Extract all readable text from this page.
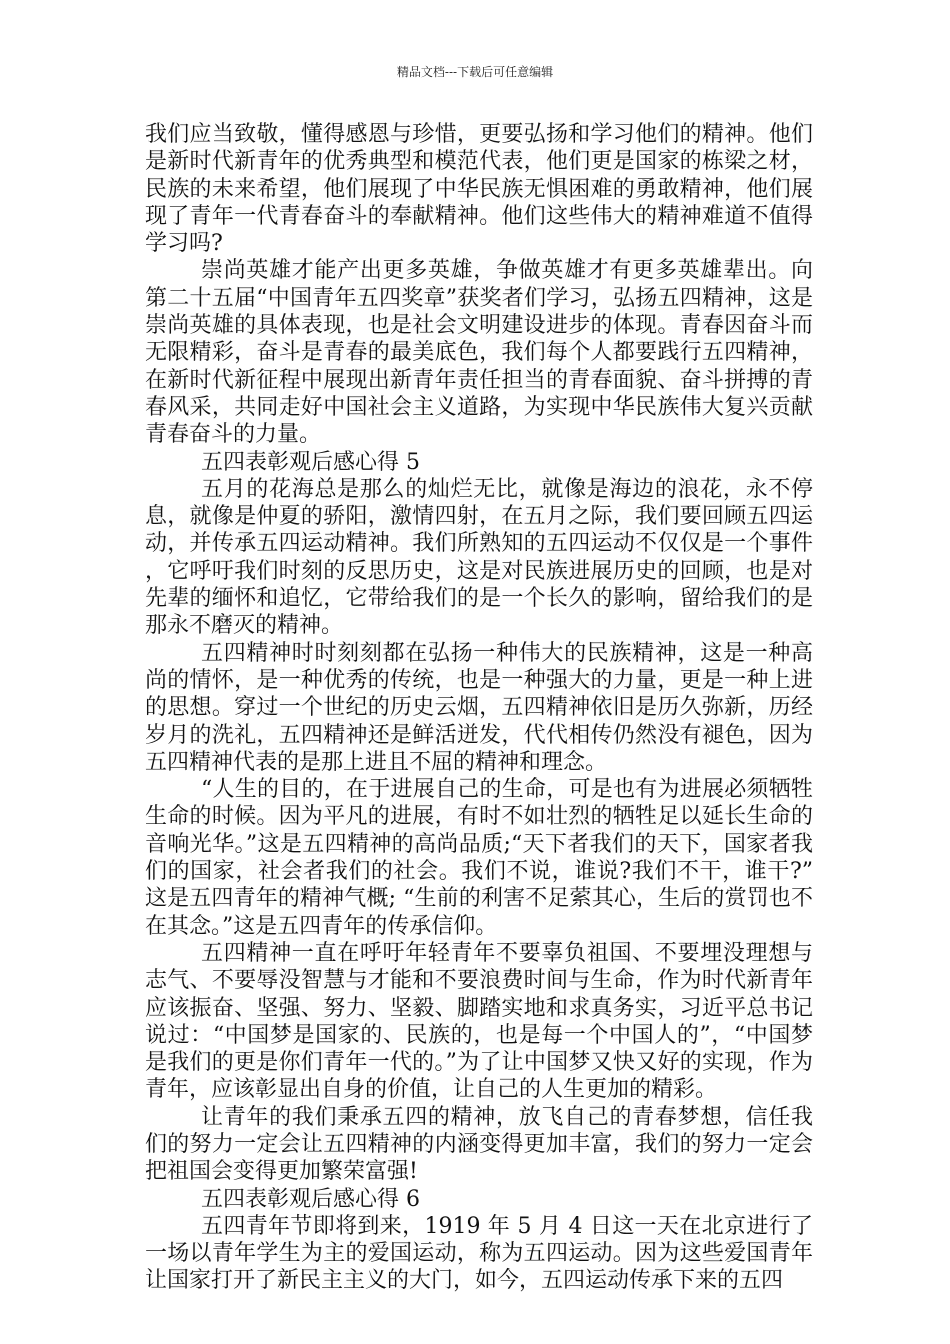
精品文档---下载后可任意编辑

我们应当致敬，懂得感恩与珍惜，更要弘扬和学习他们的精神。他们是新时代新青年的优秀典型和模范代表，他们更是国家的栋梁之材，民族的未来希望，他们展现了中华民族无惧困难的勇敢精神，他们展现了青年一代青春奋斗的奉献精神。他们这些伟大的精神难道不值得学习吗?

崇尚英雄才能产出更多英雄，争做英雄才有更多英雄辈出。向第二十五届“中国青年五四奖章”获奖者们学习，弘扬五四精神，这是崇尚英雄的具体表现，也是社会文明建设进步的体现。青春因奋斗而无限精彩，奋斗是青春的最美底色，我们每个人都要践行五四精神，在新时代新征程中展现出新青年责任担当的青春面貌、奋斗拼搏的青春风采，共同走好中国社会主义道路，为实现中华民族伟大复兴贡献青春奋斗的力量。

五四表彰观后感心得 5

五月的花海总是那么的灿烂无比，就像是海边的浪花，永不停息，就像是仲夏的骄阳，激情四射，在五月之际，我们要回顾五四运动，并传承五四运动精神。我们所熟知的五四运动不仅仅是一个事件，它呼吁我们时刻的反思历史，这是对民族进展历史的回顾，也是对先辈的缅怀和追忆，它带给我们的是一个长久的影响，留给我们的是那永不磨灭的精神。

五四精神时时刻刻都在弘扬一种伟大的民族精神，这是一种高尚的情怀，是一种优秀的传统，也是一种强大的力量，更是一种上进的思想。穿过一个世纪的历史云烟，五四精神依旧是历久弥新，历经岁月的洗礼，五四精神还是鲜活迸发，代代相传仍然没有褪色，因为五四精神代表的是那上进且不屈的精神和理念。

“人生的目的，在于进展自己的生命，可是也有为进展必须牺牲生命的时候。因为平凡的进展，有时不如壮烈的牺牲足以延长生命的音响光华。”这是五四精神的高尚品质;“天下者我们的天下，国家者我们的国家，社会者我们的社会。我们不说，谁说?我们不干，谁干?”这是五四青年的精神气概; “生前的利害不足萦其心，生后的赏罚也不在其念。”这是五四青年的传承信仰。

五四精神一直在呼吁年轻青年不要辜负祖国、不要埋没理想与志气、不要辱没智慧与才能和不要浪费时间与生命，作为时代新青年应该振奋、坚强、努力、坚毅、脚踏实地和求真务实，习近平总书记说过：“中国梦是国家的、民族的，也是每一个中国人的”，“中国梦是我们的更是你们青年一代的。”为了让中国梦又快又好的实现，作为青年，应该彰显出自身的价值，让自己的人生更加的精彩。

让青年的我们秉承五四的精神，放飞自己的青春梦想，信任我们的努力一定会让五四精神的内涵变得更加丰富，我们的努力一定会把祖国会变得更加繁荣富强!

五四表彰观后感心得 6

五四青年节即将到来，1919 年 5 月 4 日这一天在北京进行了一场以青年学生为主的爱国运动，称为五四运动。因为这些爱国青年让国家打开了新民主主义的大门，如今，五四运动传承下来的五四
